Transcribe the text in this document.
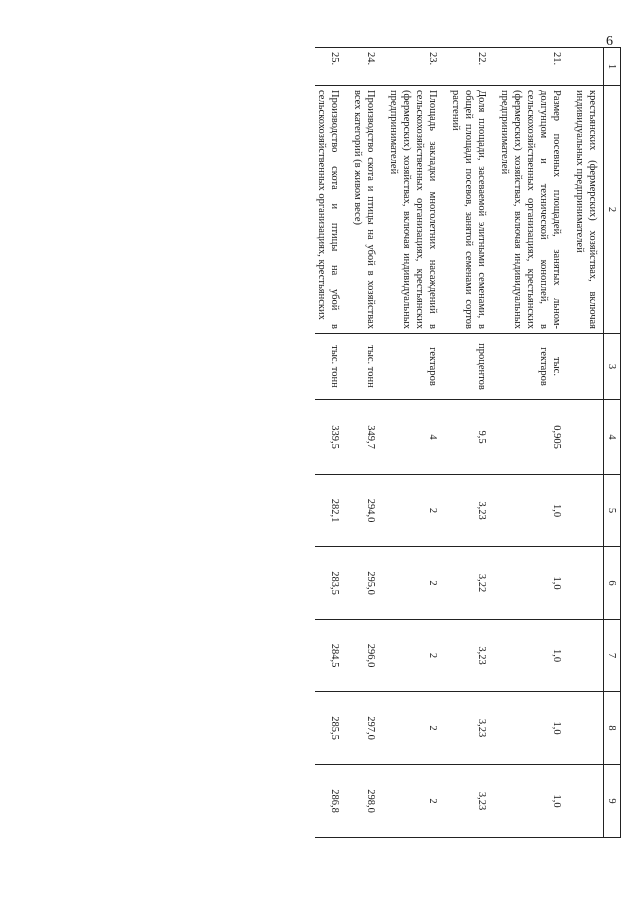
6
1	2	3	4	5	6	7	8	9
	крестьянских (фермерских) хозяйствах, включая индивидуальных предпринимателей							
21.	Размер посевных площадей, занятых льном-долгунцом и технической коноплей, в сельскохозяйственных организациях, крестьянских (фермерских) хозяйствах, включая индивидуальных предпринимателей	тыс. гектаров	0,905	1,0	1,0	1,0	1,0	1,0
22.	Доля площади, засеваемой элитными семенами, в общей площади посевов, занятой семенами сортов растений	процентов	9,5	3,23	3,22	3,23	3,23	3,23
23.	Площадь закладки многолетних насаждений в сельскохозяйственных организациях, крестьянских (фермерских) хозяйствах, включая индивидуальных предпринимателей	гектаров	4	2	2	2	2	2
24.	Производство скота и птицы на убой в хозяйствах всех категорий (в живом весе)	тыс. тонн	349,7	294,0	295,0	296,0	297,0	298,0
25.	Производство скота и птицы на убой в сельскохозяйственных организациях, крестьянских	тыс. тонн	339,5	282,1	283,5	284,5	285,5	286,8
